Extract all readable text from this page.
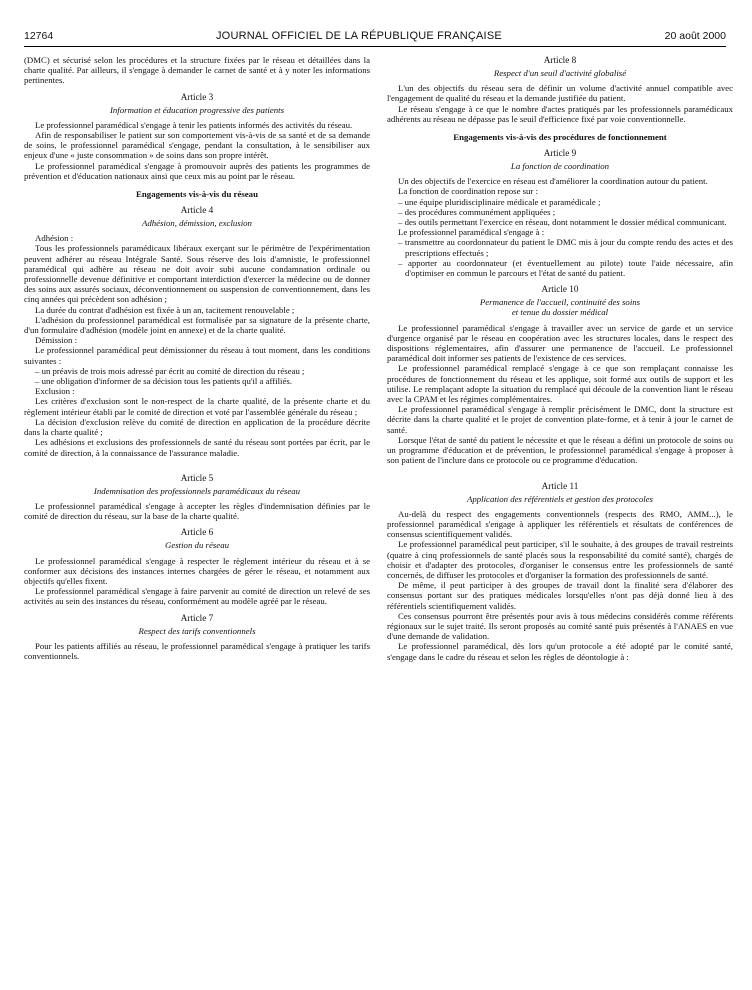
12764	JOURNAL OFFICIEL DE LA RÉPUBLIQUE FRANÇAISE	20 août 2000

(DMC) et sécurisé selon les procédures et la structure fixées par le réseau et détaillées dans la charte qualité. Par ailleurs, il s'engage à demander le carnet de santé et à y noter les informations pertinentes.

Article 3
Information et éducation progressive des patients

Le professionnel paramédical s'engage à tenir les patients informés des activités du réseau.

Afin de responsabiliser le patient sur son comportement vis-à-vis de sa santé et de sa demande de soins, le professionnel paramédical s'engage, pendant la consultation, à le sensibiliser aux enjeux d'une « juste consommation » de soins dans son propre intérêt.

Le professionnel paramédical s'engage à promouvoir auprès des patients les programmes de prévention et d'éducation nationaux ainsi que ceux mis au point par le réseau.

Engagements vis-à-vis du réseau
Article 4
Adhésion, démission, exclusion

Adhésion :

Tous les professionnels paramédicaux libéraux exerçant sur le périmètre de l'expérimentation peuvent adhérer au réseau Intégrale Santé. Sous réserve des lois d'amnistie, le professionnel paramédical qui adhère au réseau ne doit avoir subi aucune condamnation ordinale ou professionnelle devenue définitive et comportant interdiction d'exercer la médecine ou de donner des soins aux assurés sociaux, déconventionnement ou suspension de conventionnement, dans les cinq années qui précèdent son adhésion ;

La durée du contrat d'adhésion est fixée à un an, tacitement renouvelable ;

L'adhésion du professionnel paramédical est formalisée par sa signature de la présente charte, d'un formulaire d'adhésion (modèle joint en annexe) et de la charte qualité.

Démission :

Le professionnel paramédical peut démissionner du réseau à tout moment, dans les conditions suivantes :

– un préavis de trois mois adressé par écrit au comité de direction du réseau ;
– une obligation d'informer de sa décision tous les patients qu'il a affiliés.

Exclusion :

Les critères d'exclusion sont le non-respect de la charte qualité, de la présente charte et du règlement intérieur établi par le comité de direction et voté par l'assemblée générale du réseau ;

La décision d'exclusion relève du comité de direction en application de la procédure décrite dans la charte qualité ;

Les adhésions et exclusions des professionnels de santé du réseau sont portées par écrit, par le comité de direction, à la connaissance de l'assurance maladie.

Article 5
Indemnisation des professionnels paramédicaux du réseau

Le professionnel paramédical s'engage à accepter les règles d'indemnisation définies par le comité de direction du réseau, sur la base de la charte qualité.

Article 6
Gestion du réseau

Le professionnel paramédical s'engage à respecter le règlement intérieur du réseau et à se conformer aux décisions des instances internes chargées de gérer le réseau, et notamment aux objectifs qu'elles fixent.

Le professionnel paramédical s'engage à faire parvenir au comité de direction un relevé de ses activités au sein des instances du réseau, conformément au modèle agréé par le réseau.

Article 7
Respect des tarifs conventionnels

Pour les patients affiliés au réseau, le professionnel paramédical s'engage à pratiquer les tarifs conventionnels.

Article 8
Respect d'un seuil d'activité globalisé

L'un des objectifs du réseau sera de définir un volume d'activité annuel compatible avec l'engagement de qualité du réseau et la demande justifiée du patient.

Le réseau s'engage à ce que le nombre d'actes pratiqués par les professionnels paramédicaux adhérents au réseau ne dépasse pas le seuil d'efficience fixé par voie conventionnelle.

Engagements vis-à-vis des procédures de fonctionnement
Article 9
La fonction de coordination

Un des objectifs de l'exercice en réseau est d'améliorer la coordination autour du patient.

La fonction de coordination repose sur :

– une équipe pluridisciplinaire médicale et paramédicale ;
– des procédures communément appliquées ;
– des outils permettant l'exercice en réseau, dont notamment le dossier médical communicant.

Le professionnel paramédical s'engage à :

– transmettre au coordonnateur du patient le DMC mis à jour du compte rendu des actes et des prescriptions effectués ;
– apporter au coordonnateur (et éventuellement au pilote) toute l'aide nécessaire, afin d'optimiser en commun le parcours et l'état de santé du patient.
Article 10
Permanence de l'accueil, continuité des soins
et tenue du dossier médical

Le professionnel paramédical s'engage à travailler avec un service de garde et un service d'urgence organisé par le réseau en coopération avec les structures locales, dans le respect des dispositions réglementaires, afin d'assurer une permanence de l'accueil. Le professionnel paramédical doit informer ses patients de l'existence de ces services.

Le professionnel paramédical remplacé s'engage à ce que son remplaçant connaisse les procédures de fonctionnement du réseau et les applique, soit formé aux outils de support et les utilise. Le remplaçant adopte la situation du remplacé qui découle de la convention liant le réseau avec la CPAM et les régimes complémentaires.

Le professionnel paramédical s'engage à remplir précisément le DMC, dont la structure est décrite dans la charte qualité et le projet de convention plate-forme, et à tenir à jour le carnet de santé.

Lorsque l'état de santé du patient le nécessite et que le réseau a défini un protocole de soins ou un programme d'éducation et de prévention, le professionnel paramédical s'engage à proposer à son patient de l'inclure dans ce protocole ou ce programme d'éducation.

Article 11
Application des référentiels et gestion des protocoles

Au-delà du respect des engagements conventionnels (respects des RMO, AMM...), le professionnel paramédical s'engage à appliquer les référentiels et résultats de conférences de consensus scientifiquement validés.

Le professionnel paramédical peut participer, s'il le souhaite, à des groupes de travail restreints (quatre à cinq professionnels de santé placés sous la responsabilité du comité santé), chargés de choisir et d'adapter des protocoles, d'organiser le consensus entre les professionnels de santé concernés, de diffuser les protocoles et d'organiser la formation des professionnels de santé.

De même, il peut participer à des groupes de travail dont la finalité sera d'élaborer des consensus portant sur des pratiques médicales lorsqu'elles n'ont pas déjà donné lieu à des référentiels scientifiquement validés.

Ces consensus pourront être présentés pour avis à tous médecins considérés comme référents régionaux sur le sujet traité. Ils seront proposés au comité santé puis présentés à l'ANAES en vue d'une demande de validation.

Le professionnel paramédical, dès lors qu'un protocole a été adopté par le comité santé, s'engage dans le cadre du réseau et selon les règles de déontologie à :
